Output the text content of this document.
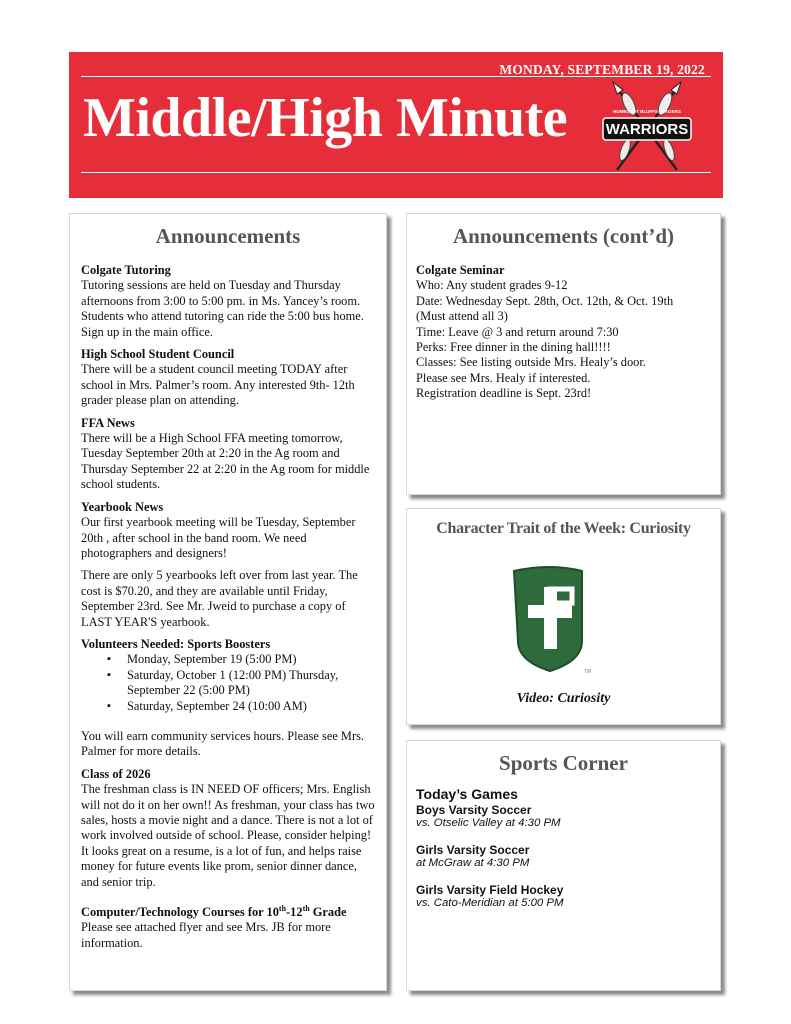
MONDAY, SEPTEMBER 19, 2022
Middle/High Minute	HUMBOLDT BLUFFS / HAGERS
WARRIORS
Announcements

Colgate Tutoring

Tutoring sessions are held on Tuesday and Thursday afternoons from 3:00 to 5:00 pm. in Ms. Yancey’s room. Students who attend tutoring can ride the 5:00 bus home. Sign up in the main office.

High School Student Council

There will be a student council meeting TODAY after school in Mrs. Palmer’s room. Any interested 9th- 12th grader please plan on attending.

FFA News

There will be a High School FFA meeting tomorrow, Tuesday September 20th at 2:20 in the Ag room and Thursday September 22 at 2:20 in the Ag room for middle school students.

Yearbook News

Our first yearbook meeting will be Tuesday, September 20th , after school in the band room. We need photographers and designers!

There are only 5 yearbooks left over from last year. The cost is $70.20, and they are available until Friday, September 23rd. See Mr. Jweid to purchase a copy of LAST YEAR'S yearbook.

Volunteers Needed: Sports Boosters

▪ Monday, September 19 (5:00 PM)
▪ Saturday, October 1 (12:00 PM) Thursday, September 22 (5:00 PM)
▪ Saturday, September 24 (10:00 AM)

You will earn community services hours. Please see Mrs. Palmer for more details.

Class of 2026

The freshman class is IN NEED OF officers; Mrs. English will not do it on her own!! As freshman, your class has two sales, hosts a movie night and a dance. There is not a lot of work involved outside of school. Please, consider helping! It looks great on a resume, is a lot of fun, and helps raise money for future events like prom, senior dinner dance, and senior trip.

Computer/Technology Courses for 10th-12th Grade

Please see attached flyer and see Mrs. JB for more information.

Announcements (cont’d)

Colgate Seminar

Who: Any student grades 9-12

Date: Wednesday Sept. 28th, Oct. 12th, & Oct. 19th

(Must attend all 3)

Time: Leave @ 3 and return around 7:30

Perks: Free dinner in the dining hall!!!!

Classes: See listing outside Mrs. Healy’s door.

Please see Mrs. Healy if interested.

Registration deadline is Sept. 23rd!

Character Trait of the Week: Curiosity
TM

Video: Curiosity

Sports Corner

Today’s Games

Boys Varsity Soccer

vs. Otselic Valley at 4:30 PM

Girls Varsity Soccer

at McGraw at 4:30 PM

Girls Varsity Field Hockey

vs. Cato-Meridian at 5:00 PM
